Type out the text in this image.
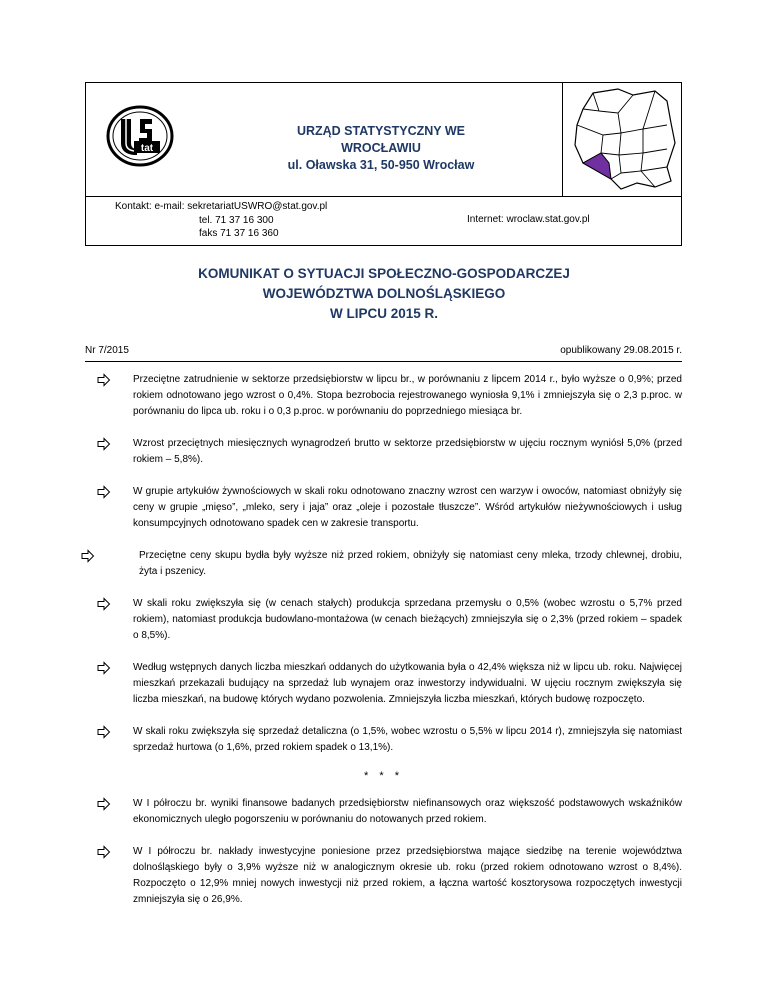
tat
URZĄD STATYSTYCZNY WE WROCŁAWIU
ul. Oławska 31, 50-950 Wrocław
Kontakt: e-mail: sekretariatUSWRO@stat.gov.pl
tel. 71 37 16 300
faks 71 37 16 360
Internet: wroclaw.stat.gov.pl
KOMUNIKAT O SYTUACJI SPOŁECZNO-GOSPODARCZEJ
WOJEWÓDZTWA DOLNOŚLĄSKIEGO
W LIPCU 2015 R.
Nr 7/2015	opublikowany 29.08.2015 r.
Przeciętne zatrudnienie w sektorze przedsiębiorstw w lipcu br., w porównaniu z lipcem 2014 r., było wyższe o 0,9%; przed rokiem odnotowano jego wzrost o 0,4%. Stopa bezrobocia rejestrowanego wyniosła 9,1% i zmniejszyła się o 2,3 p.proc. w porównaniu do lipca ub. roku i o 0,3 p.proc. w porównaniu do poprzedniego miesiąca br.
Wzrost przeciętnych miesięcznych wynagrodzeń brutto w sektorze przedsiębiorstw w ujęciu rocznym wyniósł 5,0% (przed rokiem – 5,8%).
W grupie artykułów żywnościowych w skali roku odnotowano znaczny wzrost cen warzyw i owoców, natomiast obniżyły się ceny w grupie „mięso”, „mleko, sery i jaja” oraz „oleje i pozostałe tłuszcze”. Wśród artykułów nieżywnościowych i usług konsumpcyjnych odnotowano spadek cen w zakresie transportu.
Przeciętne ceny skupu bydła były wyższe niż przed rokiem, obniżyły się natomiast ceny mleka, trzody chlewnej, drobiu, żyta i pszenicy.
W skali roku zwiększyła się (w cenach stałych) produkcja sprzedana przemysłu o 0,5% (wobec wzrostu o 5,7% przed rokiem), natomiast produkcja budowlano-montażowa (w cenach bieżących) zmniejszyła się o 2,3% (przed rokiem – spadek o 8,5%).
Według wstępnych danych liczba mieszkań oddanych do użytkowania była o 42,4% większa niż w lipcu ub. roku. Najwięcej mieszkań przekazali budujący na sprzedaż lub wynajem oraz inwestorzy indywidualni. W ujęciu rocznym zwiększyła się liczba mieszkań, na budowę których wydano pozwolenia. Zmniejszyła liczba mieszkań, których budowę rozpoczęto.
W skali roku zwiększyła się sprzedaż detaliczna (o 1,5%, wobec wzrostu o 5,5% w lipcu 2014 r), zmniejszyła się natomiast sprzedaż hurtowa (o 1,6%, przed rokiem spadek o 13,1%).
* * *
W I półroczu br. wyniki finansowe badanych przedsiębiorstw niefinansowych oraz większość podstawowych wskaźników ekonomicznych uległo pogorszeniu w porównaniu do notowanych przed rokiem.
W I półroczu br. nakłady inwestycyjne poniesione przez przedsiębiorstwa mające siedzibę na terenie województwa dolnośląskiego były o 3,9% wyższe niż w analogicznym okresie ub. roku (przed rokiem odnotowano wzrost o 8,4%). Rozpoczęto o 12,9% mniej nowych inwestycji niż przed rokiem, a łączna wartość kosztorysowa rozpoczętych inwestycji zmniejszyła się o 26,9%.
